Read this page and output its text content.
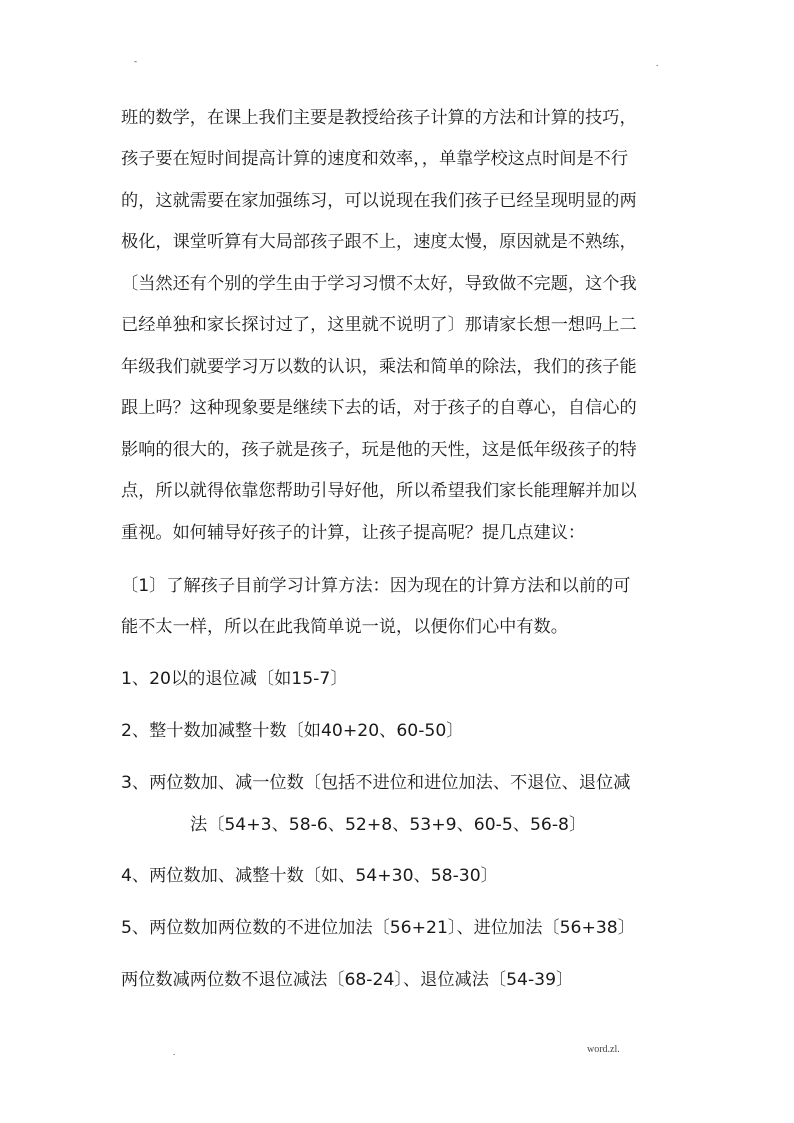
-	.
班的数学，在课上我们主要是教授给孩子计算的方法和计算的技巧，
孩子要在短时间提高计算的速度和效率，，单靠学校这点时间是不行
的，这就需要在家加强练习，可以说现在我们孩子已经呈现明显的两
极化，课堂听算有大局部孩子跟不上，速度太慢，原因就是不熟练，
〔当然还有个别的学生由于学习习惯不太好，导致做不完题，这个我
已经单独和家长探讨过了，这里就不说明了〕那请家长想一想吗上二
年级我们就要学习万以数的认识，乘法和简单的除法，我们的孩子能
跟上吗？这种现象要是继续下去的话，对于孩子的自尊心，自信心的
影响的很大的，孩子就是孩子，玩是他的天性，这是低年级孩子的特
点，所以就得依靠您帮助引导好他，所以希望我们家长能理解并加以
重视。如何辅导好孩子的计算，让孩子提高呢？提几点建议：
〔1〕了解孩子目前学习计算方法：因为现在的计算方法和以前的可
能不太一样，所以在此我简单说一说，以便你们心中有数。
1、20以的退位减〔如15-7〕
2、整十数加减整十数〔如40+20、60-50〕
3、两位数加、减一位数〔包括不进位和进位加法、不退位、退位减
法〔54+3、58-6、52+8、53+9、60-5、56-8〕
4、两位数加、减整十数〔如、54+30、58-30〕
5、两位数加两位数的不进位加法〔56+21〕、进位加法〔56+38〕
两位数减两位数不退位减法〔68-24〕、退位减法〔54-39〕
.	word.zl.
